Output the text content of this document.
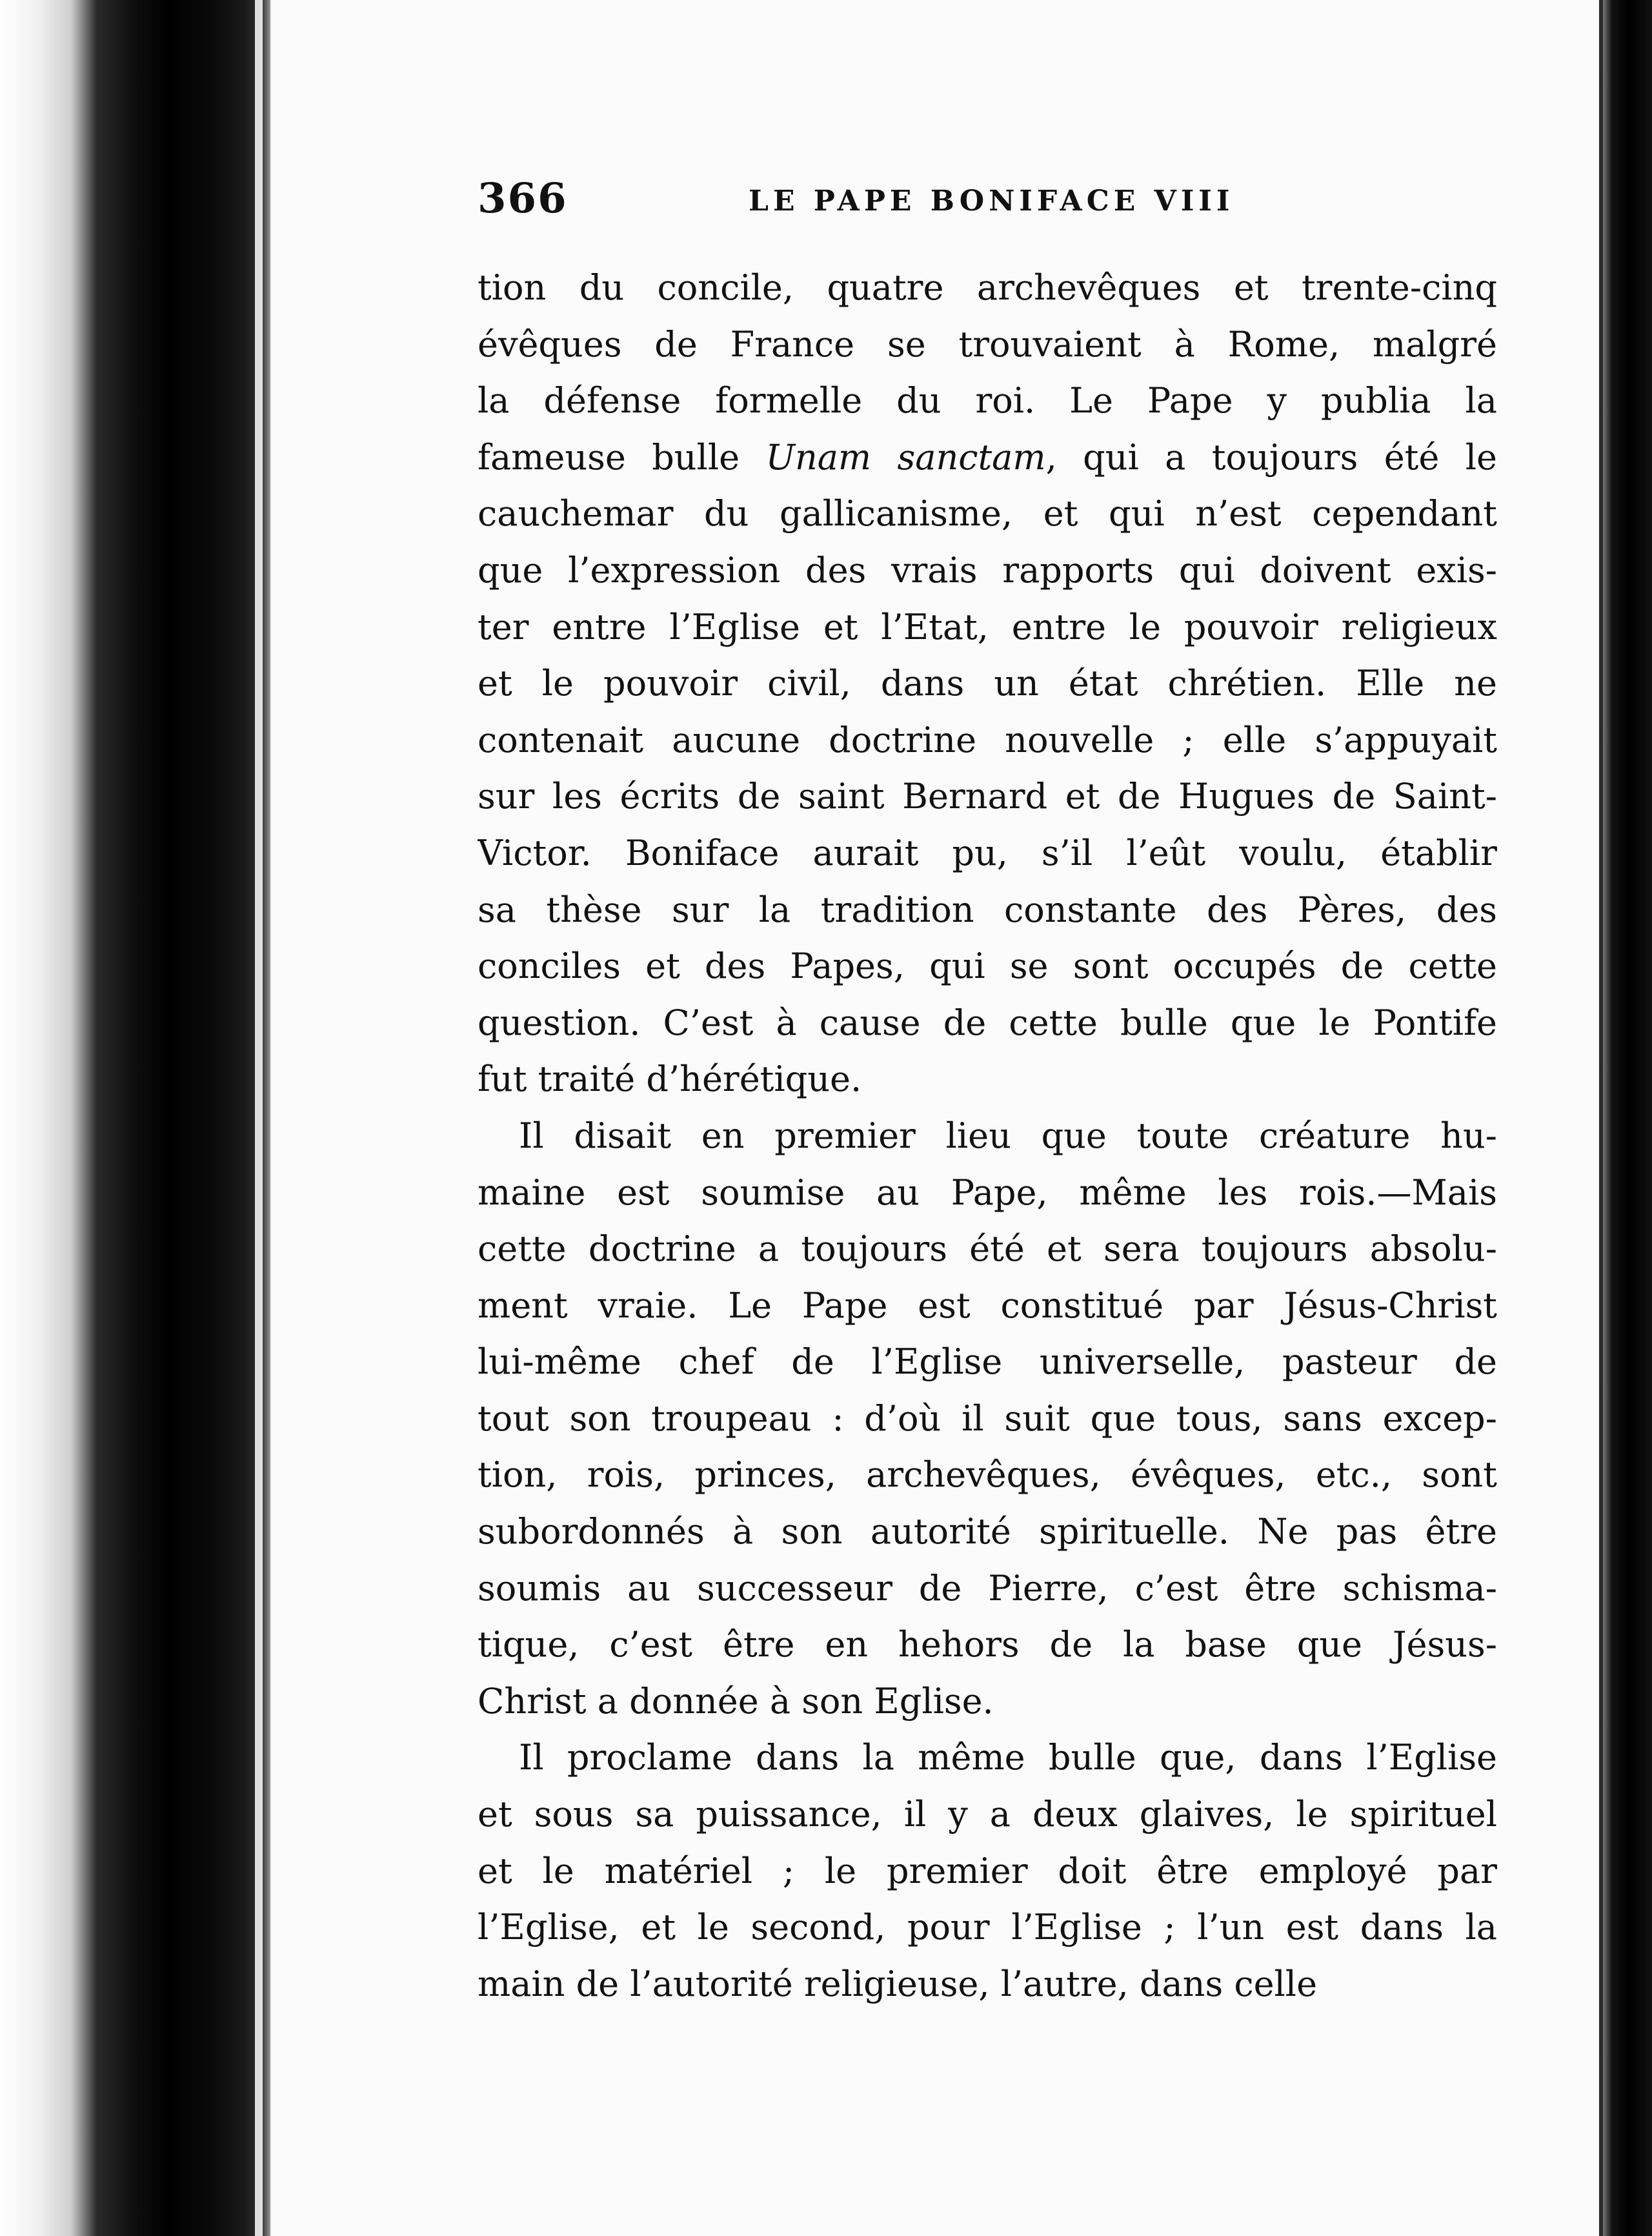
366	LE PAPE BONIFACE VIII
tion du concile, quatre archevêques et trente-cinq
évêques de France se trouvaient à Rome, malgré
la défense formelle du roi. Le Pape y publia la
fameuse bulle Unam sanctam, qui a toujours été le
cauchemar du gallicanisme, et qui n’est cependant
que l’expression des vrais rapports qui doivent exis-
ter entre l’Eglise et l’Etat, entre le pouvoir religieux
et le pouvoir civil, dans un état chrétien. Elle ne
contenait aucune doctrine nouvelle ; elle s’appuyait
sur les écrits de saint Bernard et de Hugues de Saint-
Victor. Boniface aurait pu, s’il l’eût voulu, établir
sa thèse sur la tradition constante des Pères, des
conciles et des Papes, qui se sont occupés de cette
question. C’est à cause de cette bulle que le Pontife
fut traité d’hérétique.
Il disait en premier lieu que toute créature hu-
maine est soumise au Pape, même les rois.—Mais
cette doctrine a toujours été et sera toujours absolu-
ment vraie. Le Pape est constitué par Jésus-Christ
lui-même chef de l’Eglise universelle, pasteur de
tout son troupeau : d’où il suit que tous, sans excep-
tion, rois, princes, archevêques, évêques, etc., sont
subordonnés à son autorité spirituelle. Ne pas être
soumis au successeur de Pierre, c’est être schisma-
tique, c’est être en hehors de la base que Jésus-
Christ a donnée à son Eglise.
Il proclame dans la même bulle que, dans l’Eglise
et sous sa puissance, il y a deux glaives, le spirituel
et le matériel ; le premier doit être employé par
l’Eglise, et le second, pour l’Eglise ; l’un est dans la
main de l’autorité religieuse, l’autre, dans celle
